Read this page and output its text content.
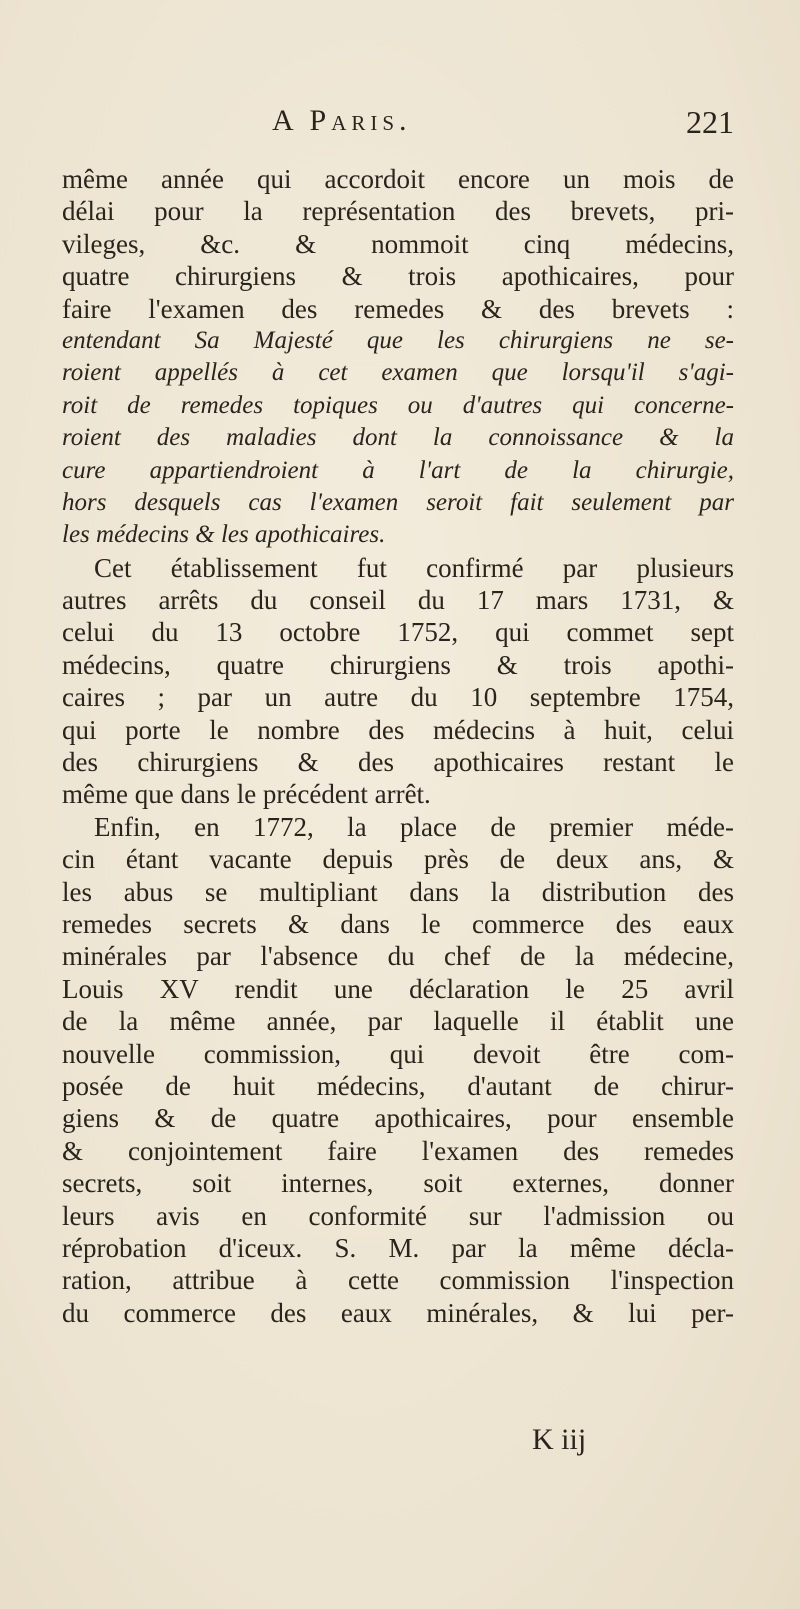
A Paris.	221
même année qui accordoit encore un mois de
délai pour la représentation des brevets, pri-
vileges, &c. & nommoit cinq médecins,
quatre chirurgiens & trois apothicaires, pour
faire l'examen des remedes & des brevets :
entendant Sa Majesté que les chirurgiens ne se-
roient appellés à cet examen que lorsqu'il s'agi-
roit de remedes topiques ou d'autres qui concerne-
roient des maladies dont la connoissance & la
cure appartiendroient à l'art de la chirurgie,
hors desquels cas l'examen seroit fait seulement par
les médecins & les apothicaires.
Cet établissement fut confirmé par plusieurs
autres arrêts du conseil du 17 mars 1731, &
celui du 13 octobre 1752, qui commet sept
médecins, quatre chirurgiens & trois apothi-
caires ; par un autre du 10 septembre 1754,
qui porte le nombre des médecins à huit, celui
des chirurgiens & des apothicaires restant le
même que dans le précédent arrêt.
Enfin, en 1772, la place de premier méde-
cin étant vacante depuis près de deux ans, &
les abus se multipliant dans la distribution des
remedes secrets & dans le commerce des eaux
minérales par l'absence du chef de la médecine,
Louis XV rendit une déclaration le 25 avril
de la même année, par laquelle il établit une
nouvelle commission, qui devoit être com-
posée de huit médecins, d'autant de chirur-
giens & de quatre apothicaires, pour ensemble
& conjointement faire l'examen des remedes
secrets, soit internes, soit externes, donner
leurs avis en conformité sur l'admission ou
réprobation d'iceux. S. M. par la même décla-
ration, attribue à cette commission l'inspection
du commerce des eaux minérales, & lui per-
K iij
